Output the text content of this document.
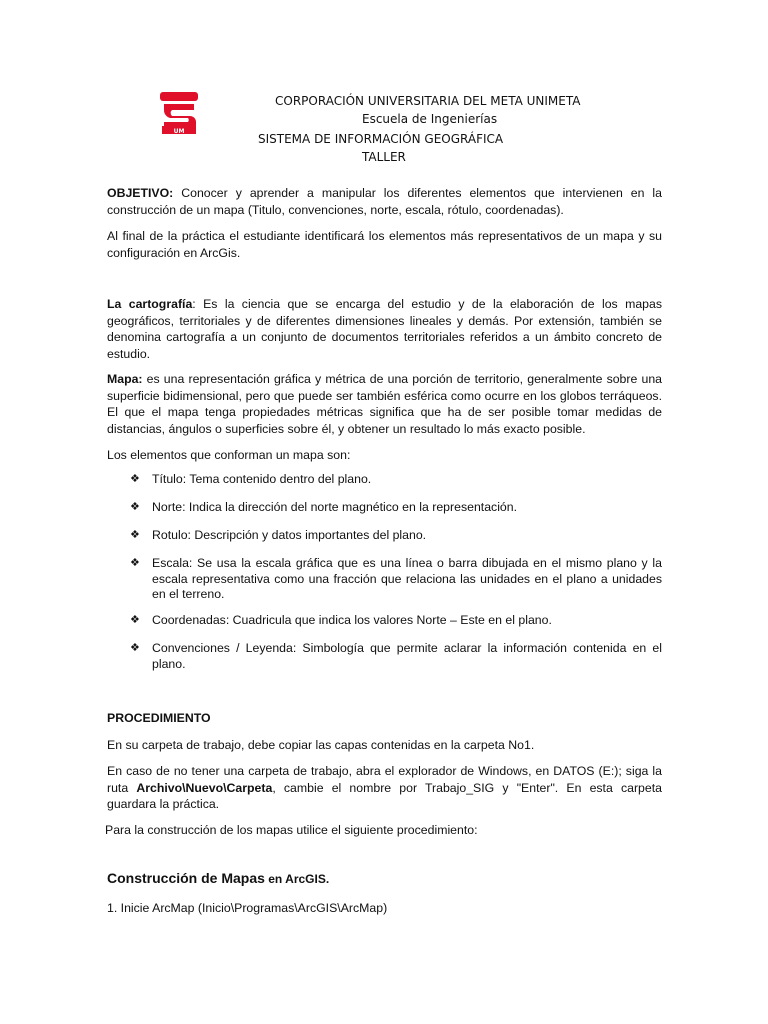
UM
CORPORACIÓN UNIVERSITARIA DEL META UNIMETA
Escuela de Ingenierías
SISTEMA DE INFORMACIÓN GEOGRÁFICA
TALLER
OBJETIVO: Conocer y aprender a manipular los diferentes elementos que intervienen en la construcción de un mapa (Titulo, convenciones, norte, escala, rótulo, coordenadas).
Al final de la práctica el estudiante identificará los elementos más representativos de un mapa y su configuración en ArcGis.
La cartografía: Es la ciencia que se encarga del estudio y de la elaboración de los mapas geográficos, territoriales y de diferentes dimensiones lineales y demás. Por extensión, también se denomina cartografía a un conjunto de documentos territoriales referidos a un ámbito concreto de estudio.
Mapa: es una representación gráfica y métrica de una porción de territorio, generalmente sobre una superficie bidimensional, pero que puede ser también esférica como ocurre en los globos terráqueos. El que el mapa tenga propiedades métricas significa que ha de ser posible tomar medidas de distancias, ángulos o superficies sobre él, y obtener un resultado lo más exacto posible.
Los elementos que conforman un mapa son:
❖ Título: Tema contenido dentro del plano.
❖ Norte: Indica la dirección del norte magnético en la representación.
❖ Rotulo: Descripción y datos importantes del plano.
❖ Escala: Se usa la escala gráfica que es una línea o barra dibujada en el mismo plano y la escala representativa como una fracción que relaciona las unidades en el plano a unidades en el terreno.
❖ Coordenadas: Cuadricula que indica los valores Norte – Este en el plano.
❖ Convenciones / Leyenda: Simbología que permite aclarar la información contenida en el plano.
PROCEDIMIENTO
En su carpeta de trabajo, debe copiar las capas contenidas en la carpeta No1.
En caso de no tener una carpeta de trabajo, abra el explorador de Windows, en DATOS (E:); siga la ruta Archivo\Nuevo\Carpeta, cambie el nombre por Trabajo_SIG y "Enter". En esta carpeta guardara la práctica.
Para la construcción de los mapas utilice el siguiente procedimiento:
Construcción de Mapas en ArcGIS.
1. Inicie ArcMap (Inicio\Programas\ArcGIS\ArcMap)
